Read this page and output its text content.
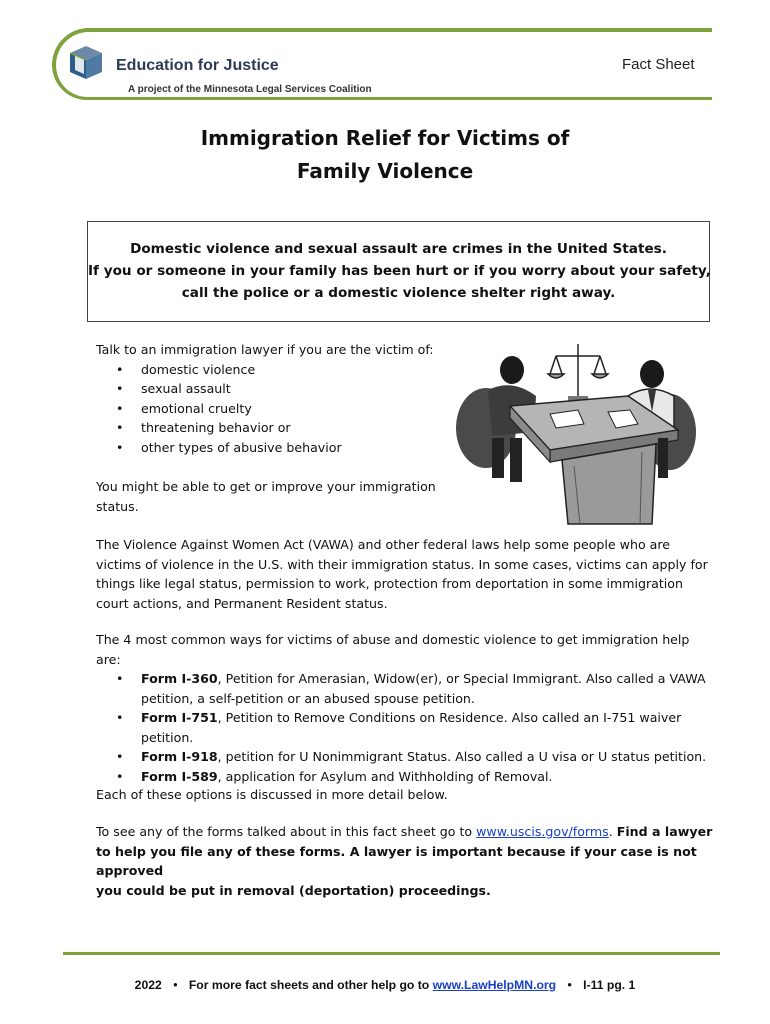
Education for Justice
A project of the Minnesota Legal Services Coalition
Fact Sheet
Immigration Relief for Victims of
Family Violence
Domestic violence and sexual assault are crimes in the United States.
If you or someone in your family has been hurt or if you worry about your safety,
call the police or a domestic violence shelter right away.
Talk to an immigration lawyer if you are the victim of:
• domestic violence
• sexual assault
• emotional cruelty
• threatening behavior or
• other types of abusive behavior
You might be able to get or improve your immigration
status.
The Violence Against Women Act (VAWA) and other federal laws help some people who are
victims of violence in the U.S. with their immigration status. In some cases, victims can apply for
things like legal status, permission to work, protection from deportation in some immigration
court actions, and Permanent Resident status.
The 4 most common ways for victims of abuse and domestic violence to get immigration help are:
• Form I-360, Petition for Amerasian, Widow(er), or Special Immigrant. Also called a VAWA
petition, a self-petition or an abused spouse petition.
• Form I-751, Petition to Remove Conditions on Residence. Also called an I-751 waiver
petition.
• Form I-918, petition for U Nonimmigrant Status. Also called a U visa or U status petition.
• Form I-589, application for Asylum and Withholding of Removal.
Each of these options is discussed in more detail below.
To see any of the forms talked about in this fact sheet go to www.uscis.gov/forms. Find a lawyer
to help you file any of these forms. A lawyer is important because if your case is not approved
you could be put in removal (deportation) proceedings.
2022 • For more fact sheets and other help go to www.LawHelpMN.org • I-11 pg. 1
